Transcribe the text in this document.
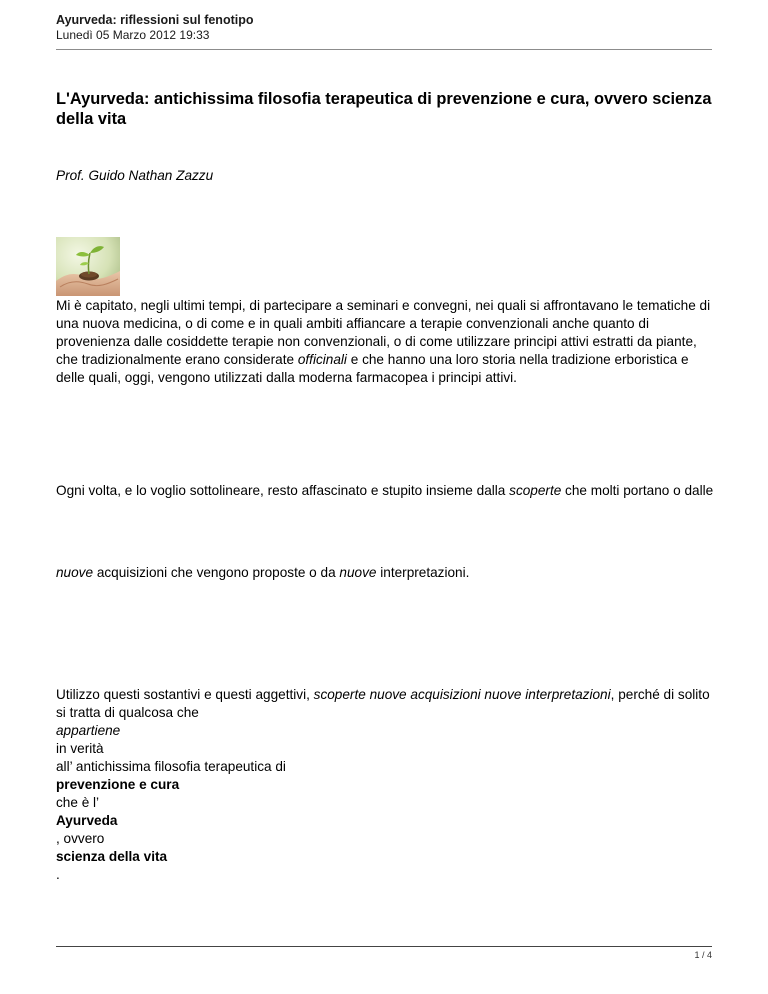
Ayurveda: riflessioni sul fenotipo
Lunedì 05 Marzo 2012 19:33
L'Ayurveda: antichissima filosofia terapeutica di prevenzione e cura, ovvero scienza della vita
Prof. Guido Nathan Zazzu

Mi è capitato, negli ultimi tempi, di partecipare a seminari e convegni, nei quali si affrontavano le tematiche di una nuova medicina, o di come e in quali ambiti affiancare a terapie convenzionali anche quanto di provenienza dalle cosiddette terapie non convenzionali, o di come utilizzare principi attivi estratti da piante, che tradizionalmente erano considerate officinali e che hanno una loro storia nella tradizione erboristica e delle quali, oggi, vengono utilizzati dalla moderna farmacopea i principi attivi.

Ogni volta, e lo voglio sottolineare, resto affascinato e stupito insieme dalla scoperte che molti portano o dalle

nuove acquisizioni che vengono proposte o da nuove interpretazioni.

Utilizzo questi sostantivi e questi aggettivi, scoperte nuove acquisizioni nuove interpretazioni, perché di solito si tratta di qualcosa che
appartiene
in verità
all’ antichissima filosofia terapeutica di
prevenzione e cura
che è l’
Ayurveda
, ovvero
scienza della vita
.

1 / 4
